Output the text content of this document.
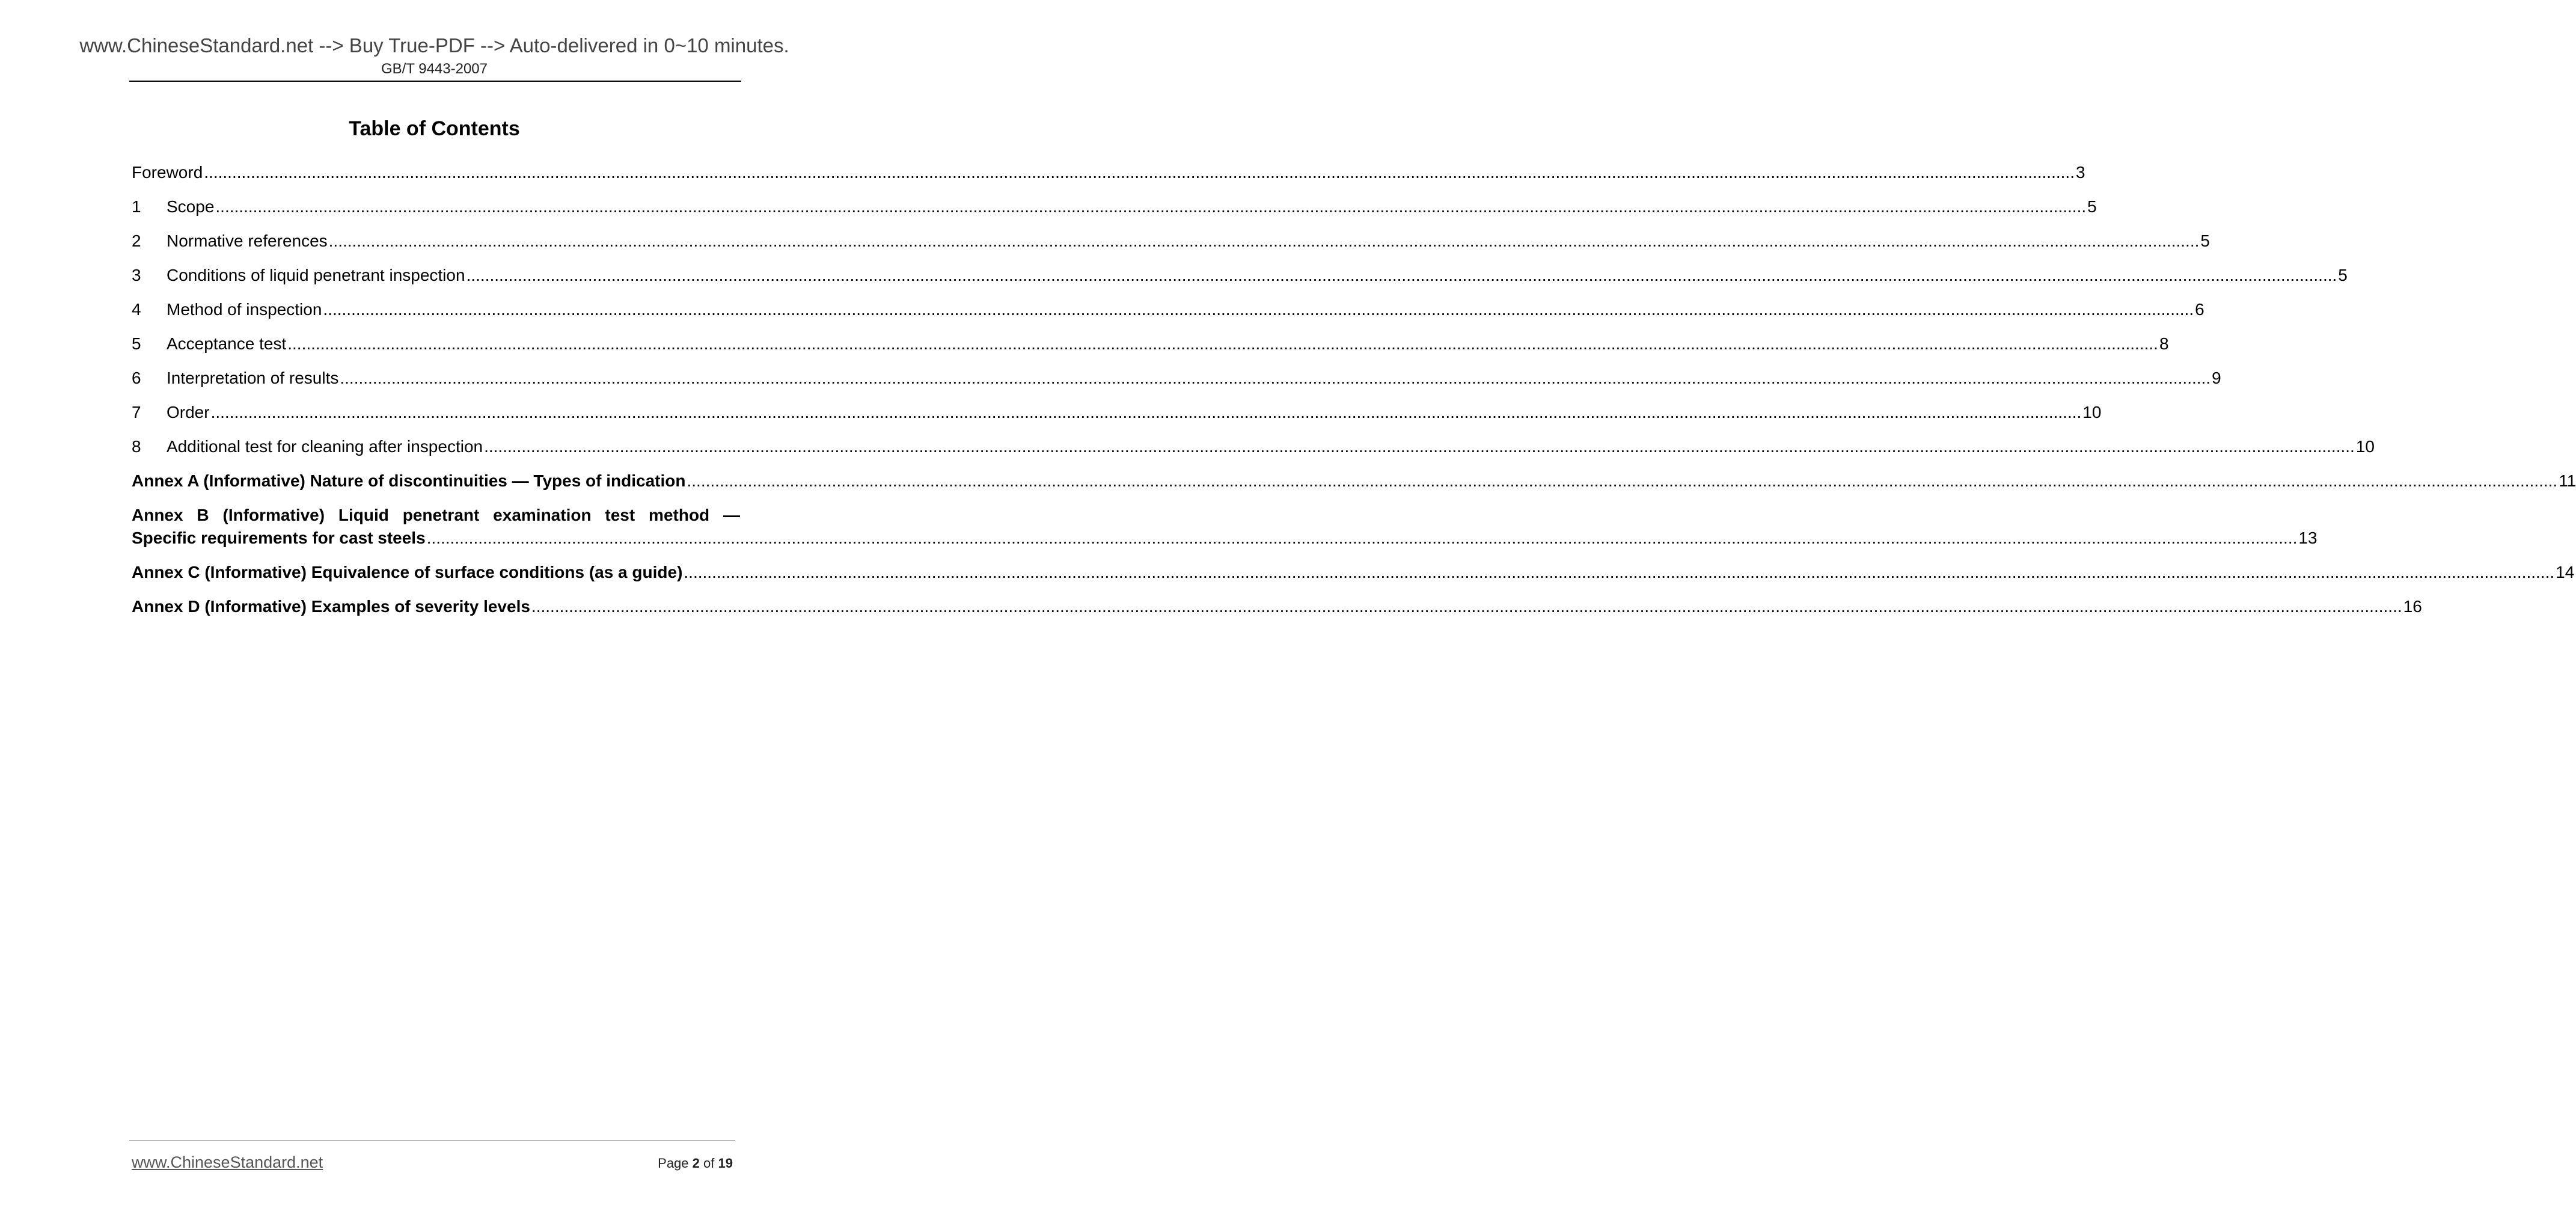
www.ChineseStandard.net --> Buy True-PDF --> Auto-delivered in 0~10 minutes.
GB/T 9443-2007
Table of Contents
Foreword ................................................................................................................................................................................................................................................................................................................................................................................................................ 3
1	Scope ................................................................................................................................................................................................................................................................................................................................................................................................................ 5
2	Normative references ................................................................................................................................................................................................................................................................................................................................................................................................................ 5
3	Conditions of liquid penetrant inspection ................................................................................................................................................................................................................................................................................................................................................................................................................ 5
4	Method of inspection ................................................................................................................................................................................................................................................................................................................................................................................................................ 6
5	Acceptance test ................................................................................................................................................................................................................................................................................................................................................................................................................ 8
6	Interpretation of results ................................................................................................................................................................................................................................................................................................................................................................................................................ 9
7	Order ................................................................................................................................................................................................................................................................................................................................................................................................................ 10
8	Additional test for cleaning after inspection ................................................................................................................................................................................................................................................................................................................................................................................................................ 10
Annex A (Informative) Nature of discontinuities — Types of indication ................................................................................................................................................................................................................................................................................................................................................................................................................ 11
Annex B (Informative) Liquid penetrant examination test method —
Specific requirements for cast steels ................................................................................................................................................................................................................................................................................................................................................................................................................ 13
Annex C (Informative) Equivalence of surface conditions (as a guide) ................................................................................................................................................................................................................................................................................................................................................................................................................ 14
Annex D (Informative) Examples of severity levels ................................................................................................................................................................................................................................................................................................................................................................................................................ 16
www.ChineseStandard.net	Page 2 of 19
